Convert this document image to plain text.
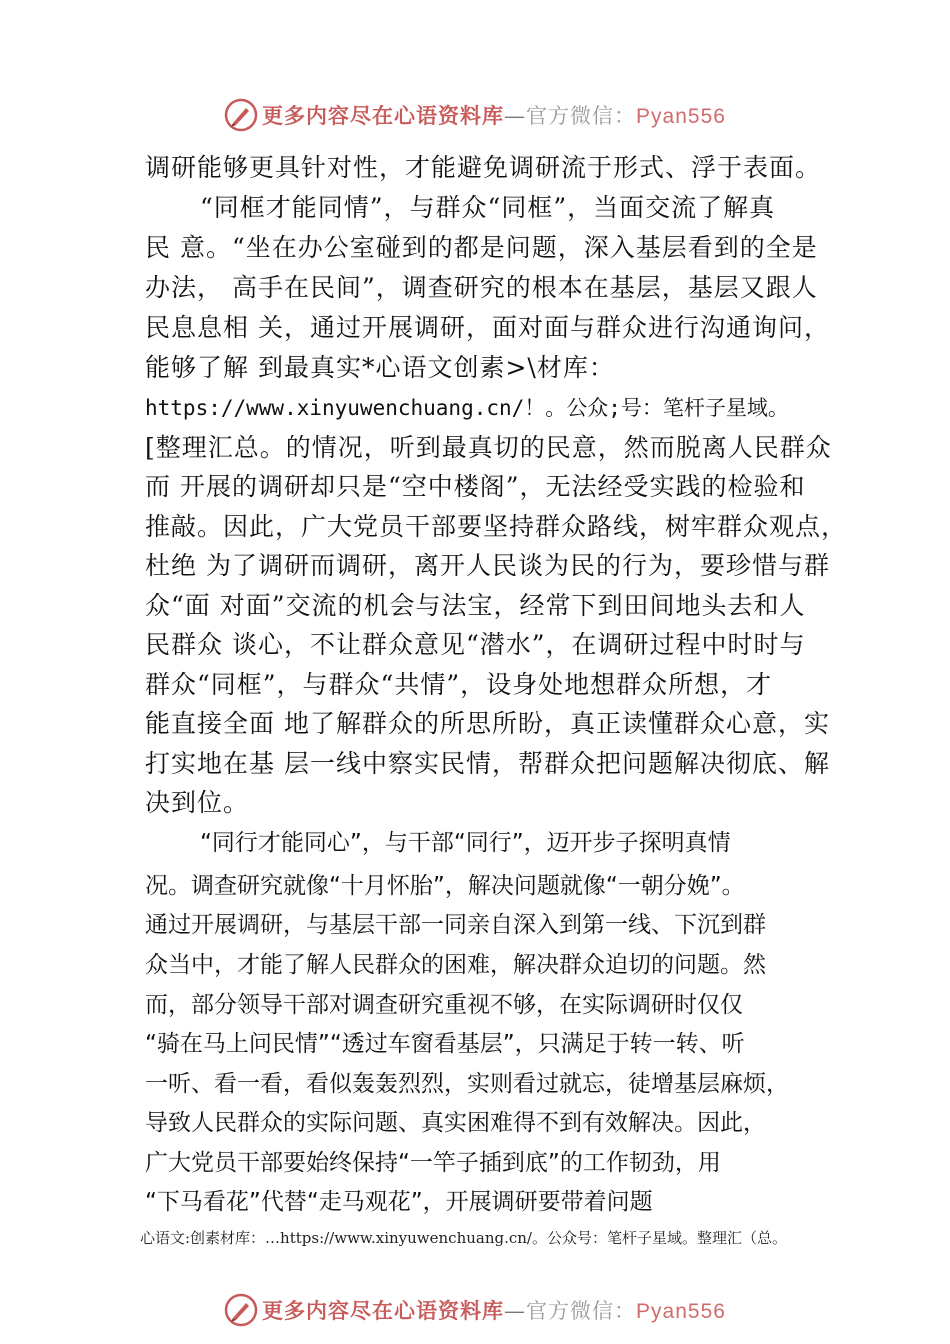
更多内容尽在心语资料库—官方微信：Pyan556
调研能够更具针对性，才能避免调研流于形式、浮于表面。
“同框才能同情”，与群众“同框”，当面交流了解真
民 意。“坐在办公室碰到的都是问题，深入基层看到的全是
办法， 高手在民间”，调查研究的根本在基层，基层又跟人
民息息相 关，通过开展调研，面对面与群众进行沟通询问，
能够了解 到最真实*心语文创素>\材库：
https://www.xinyuwenchuang.cn/！。公众;号：笔杆子星域。
[整理汇总。的情况，听到最真切的民意，然而脱离人民群众
而 开展的调研却只是“空中楼阁”，无法经受实践的检验和
推敲。因此，广大党员干部要坚持群众路线，树牢群众观点，
杜绝 为了调研而调研，离开人民谈为民的行为，要珍惜与群
众“面 对面”交流的机会与法宝，经常下到田间地头去和人
民群众 谈心，不让群众意见“潜水”，在调研过程中时时与
群众“同框”，与群众“共情”，设身处地想群众所想，才
能直接全面 地了解群众的所思所盼，真正读懂群众心意，实
打实地在基 层一线中察实民情，帮群众把问题解决彻底、解
决到位。
“同行才能同心”，与干部“同行”，迈开步子探明真情
况。调查研究就像“十月怀胎”，解决问题就像“一朝分娩”。
通过开展调研，与基层干部一同亲自深入到第一线、下沉到群
众当中，才能了解人民群众的困难，解决群众迫切的问题。然
而，部分领导干部对调查研究重视不够，在实际调研时仅仅
“骑在马上问民情”“透过车窗看基层”，只满足于转一转、听
一听、看一看，看似轰轰烈烈，实则看过就忘，徒增基层麻烦，
导致人民群众的实际问题、真实困难得不到有效解决。因此，
广大党员干部要始终保持“一竿子插到底”的工作韧劲，用
“下马看花”代替“走马观花”，开展调研要带着问题
心语文:创素材库：…https://www.xinyuwenchuang.cn/。公众号：笔杆子星域。整理汇（总。
更多内容尽在心语资料库—官方微信：Pyan556
